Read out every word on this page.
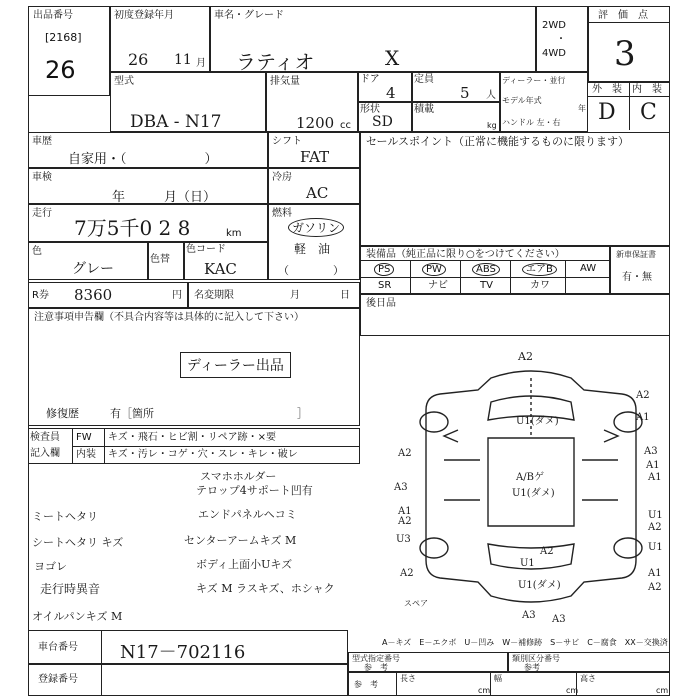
出品番号
[2168]
26
初度登録年月
26 11 月
車名・グレード
ラティオ	X
2WD
・
4WD
評　価　点
3
外　装 内　装
D C
型式
DBA - N17
排気量
1200 cc
ドア
4
形状
SD
定員
5 人
積載
kg
ディーラー・並行
モデル年式
年
ハンドル 左・右
車歴
自家用・（　　　　　　）
シフト
FAT
車検
年　　　月（日）
冷房
AC
走行
7万5千0 2 8	km
燃料
ガソリン
軽　油
（　　　　）
色
グレー
色替
色コード
KAC
R券 8360	円 名変期限	月	日
セールスポイント（正常に機能するものに限ります）
装備品（純正品に限り○をつけてください）
PS	PW	ABS	エアB	AW
SR	ナビ	TV	カワ
新車保証書
有・無
後日品
注意事項申告欄（不具合内容等は具体的に記入して下さい）
ディーラー出品
修復歴	有［箇所　　　　　　　　　　　　　］
検査員
記入欄
FW キズ・飛石・ヒビ割・リペア跡・×要
内装 キズ・汚レ・コゲ・穴・スレ・キレ・破レ
スマホホルダー
テロップ4サポート凹有
ミートヘタリ	エンドパネルヘコミ
シートヘタリ キズ	センターアームキズ M
ヨゴレ	ボディ上面小Uキズ
走行時異音	キズ M ラスキズ、ホシャク
オイルパンキズ M
A2
A2
U1(ダメ)	A1
A3
A2
A1
A1
A3
U1
A1
A2
A2
U3
U1
A2
A/Bゲ
U1(ダメ)
U1
A2
A1
A2
U1(ダメ)
スペア
A3 A3
A－キズ　E－エクボ　U－凹み　W－補修跡　S－サビ　C－腐食　XX－交換済
車台番号 N17－702116
登録番号
型式指定番号
参　考
類別区分番号
参考
参　考
長さ
cm
幅
cm
高さ
cm
